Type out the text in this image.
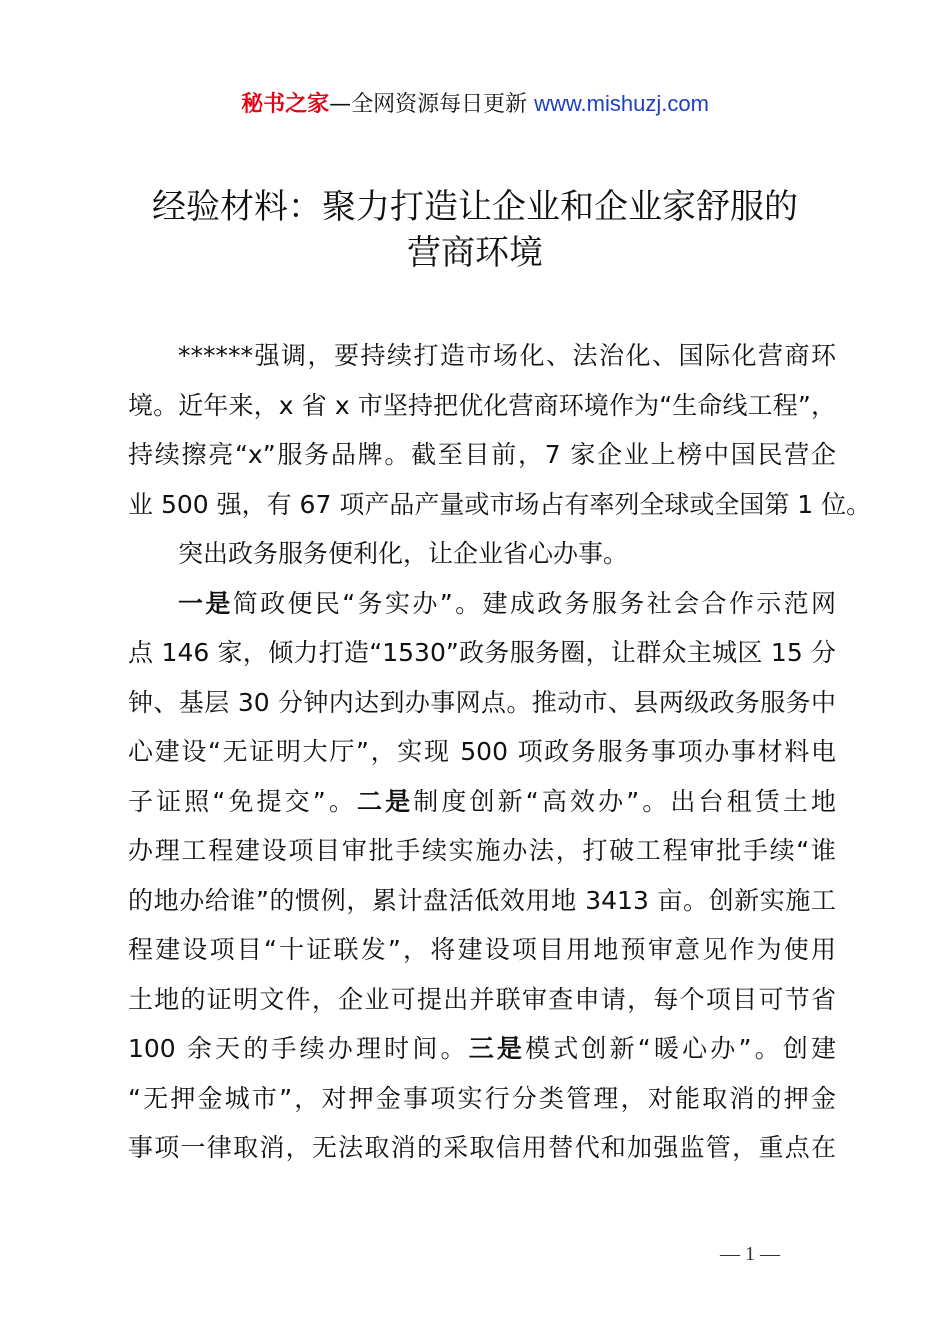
秘书之家—全网资源每日更新 www.mishuzj.com
经验材料：聚力打造让企业和企业家舒服的
营商环境
******强调，要持续打造市场化、法治化、国际化营商环
境。近年来，x 省 x 市坚持把优化营商环境作为“生命线工程”，
持续擦亮“x”服务品牌。截至目前，7 家企业上榜中国民营企
业 500 强，有 67 项产品产量或市场占有率列全球或全国第 1 位。
突出政务服务便利化，让企业省心办事。
一是简政便民“务实办”。建成政务服务社会合作示范网
点 146 家，倾力打造“1530”政务服务圈，让群众主城区 15 分
钟、基层 30 分钟内达到办事网点。推动市、县两级政务服务中
心建设“无证明大厅”，实现 500 项政务服务事项办事材料电
子证照“免提交”。二是制度创新“高效办”。出台租赁土地
办理工程建设项目审批手续实施办法，打破工程审批手续“谁
的地办给谁”的惯例，累计盘活低效用地 3413 亩。创新实施工
程建设项目“十证联发”，将建设项目用地预审意见作为使用
土地的证明文件，企业可提出并联审查申请，每个项目可节省
100 余天的手续办理时间。三是模式创新“暖心办”。创建
“无押金城市”，对押金事项实行分类管理，对能取消的押金
事项一律取消，无法取消的采取信用替代和加强监管，重点在
— 1 —
